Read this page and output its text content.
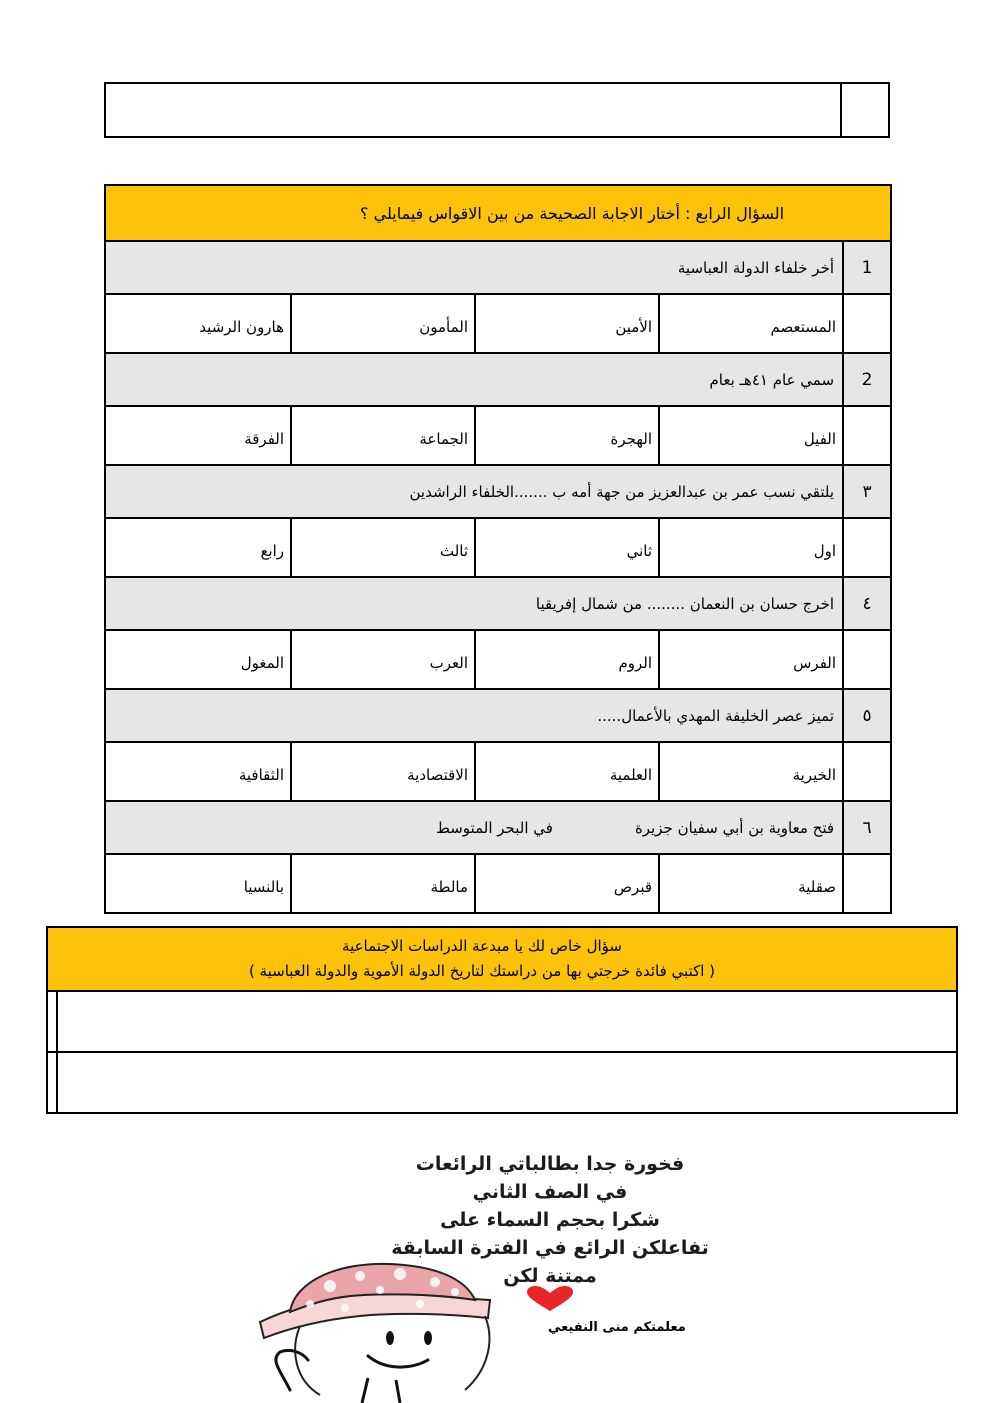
السؤال الرابع : أختار الاجابة الصحيحة من بين الاقواس فيمايلي ؟				
1	أخر خلفاء الدولة العباسية			
	المستعصم	الأمين	المأمون	هارون الرشيد
2	سمي عام ٤١هـ بعام			
	الفيل	الهجرة	الجماعة	الفرقة
٣	يلتقي نسب عمر بن عبدالعزيز من جهة أمه ب .......الخلفاء الراشدين			
	اول	ثاني	ثالث	رابع
٤	اخرج حسان بن النعمان ........ من شمال إفريقيا			
	الفرس	الروم	العرب	المغول
٥	تميز عصر الخليفة المهدي بالأعمال.....			
	الخيرية	العلمية	الاقتصادية	الثقافية
٦	فتح معاوية بن أبي سفيان جزيرةفي البحر المتوسط			
	صقلية	قبرص	مالطة	بالنسيا
سؤال خاص لك يا مبدعة الدراسات الاجتماعية
( اكتبي فائدة خرجتي بها من دراستك لتاريخ الدولة الأموية والدولة العباسية )	

فخورة جدا بطالباتي الرائعات
في الصف الثاني
شكرا بحجم السماء على
تفاعلكن الرائع في الفترة السابقة
ممتنة لكن
معلمتكم منى النفيعي
